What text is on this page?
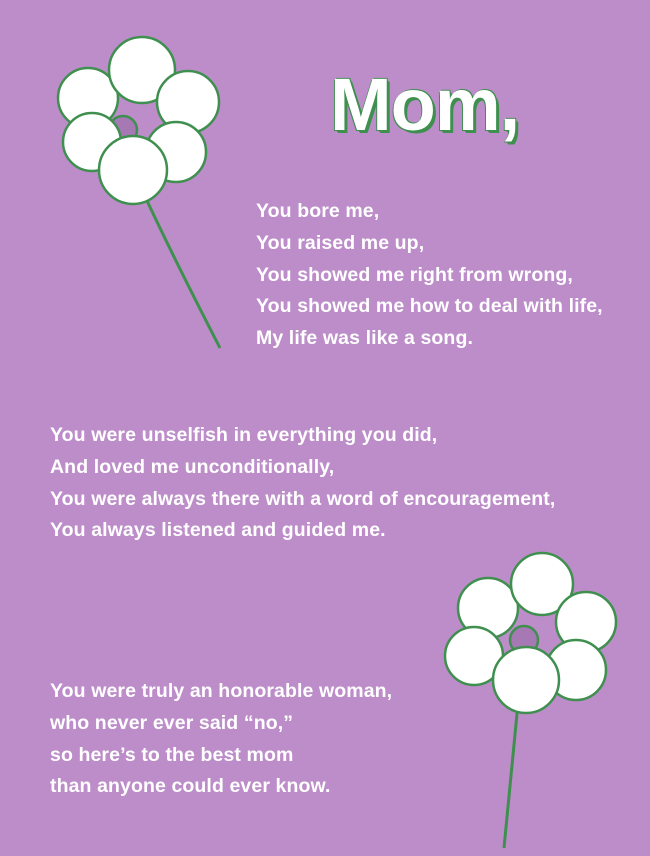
Mom,
You bore me,
You raised me up,
You showed me right from wrong,
You showed me how to deal with life,
My life was like a song.
You were unselfish in everything you did,
And loved me unconditionally,
You were always there with a word of encouragement,
You always listened and guided me.
You were truly an honorable woman,
who never ever said “no,”
so here’s to the best mom
than anyone could ever know.
